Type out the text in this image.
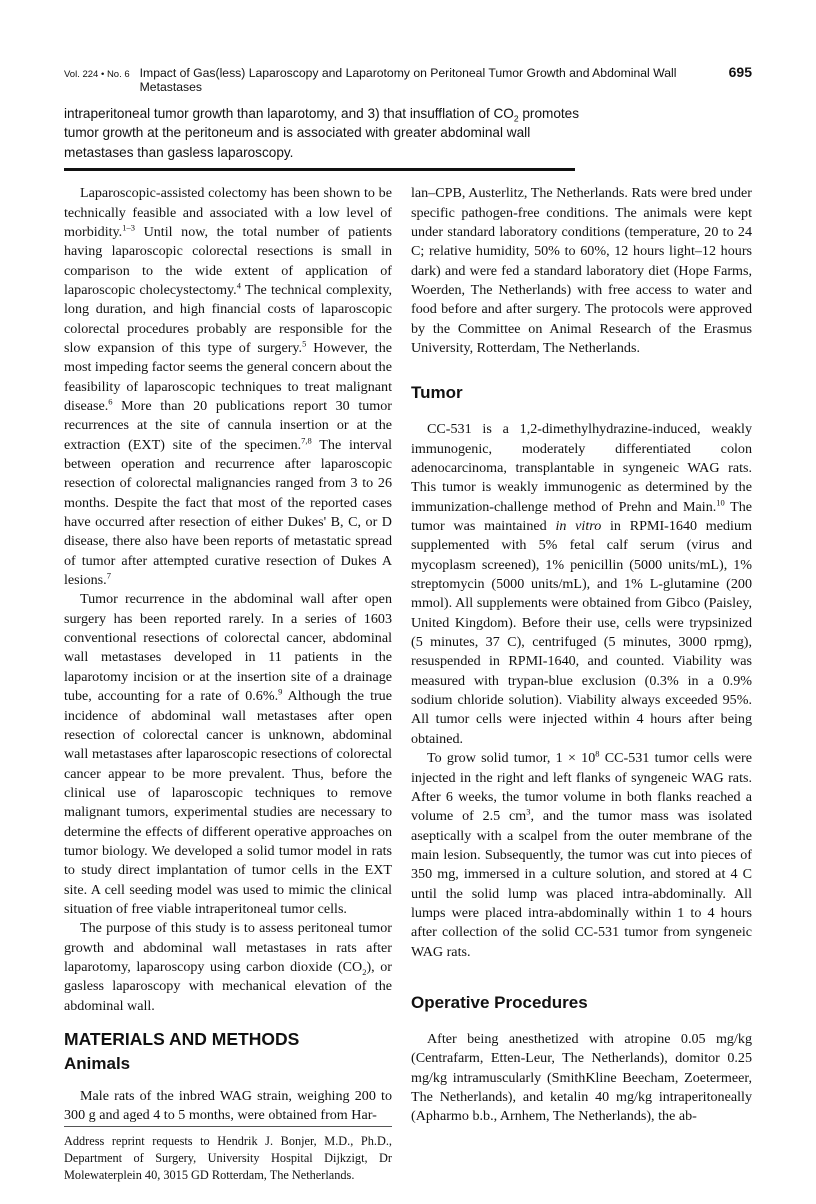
Vol. 224 • No. 6 Impact of Gas(less) Laparoscopy and Laparotomy on Peritoneal Tumor Growth and Abdominal Wall Metastases
695
intraperitoneal tumor growth than laparotomy, and 3) that insufflation of $CO_2$ promotes tumor growth at the peritoneum and is associated with greater abdominal wall metastases than gasless laparoscopy.

Laparoscopic-assisted colectomy has been shown to be technically feasible and associated with a low level of morbidity.$^{1-3}$ Until now, the total number of patients having laparoscopic colorectal resections is small in comparison to the wide extent of application of laparoscopic cholecystectomy.$^4$ The technical complexity, long duration, and high financial costs of laparoscopic colorectal procedures probably are responsible for the slow expansion of this type of surgery.$^5$ However, the most impeding factor seems the general concern about the feasibility of laparoscopic techniques to treat malignant disease.$^6$ More than 20 publications report 30 tumor recurrences at the site of cannula insertion or at the extraction (EXT) site of the specimen.$^{7,8}$ The interval between operation and recurrence after laparoscopic resection of colorectal malignancies ranged from 3 to 26 months. Despite the fact that most of the reported cases have occurred after resection of either Dukes' B, C, or D disease, there also have been reports of metastatic spread of tumor after attempted curative resection of Dukes A lesions.$^7$

Tumor recurrence in the abdominal wall after open surgery has been reported rarely. In a series of 1603 conventional resections of colorectal cancer, abdominal wall metastases developed in 11 patients in the laparotomy incision or at the insertion site of a drainage tube, accounting for a rate of 0.6%.$^9$ Although the true incidence of abdominal wall metastases after open resection of colorectal cancer is unknown, abdominal wall metastases after laparoscopic resections of colorectal cancer appear to be more prevalent. Thus, before the clinical use of laparoscopic techniques to remove malignant tumors, experimental studies are necessary to determine the effects of different operative approaches on tumor biology. We developed a solid tumor model in rats to study direct implantation of tumor cells in the EXT site. A cell seeding model was used to mimic the clinical situation of free viable intraperitoneal tumor cells.

The purpose of this study is to assess peritoneal tumor growth and abdominal wall metastases in rats after laparotomy, laparoscopy using carbon dioxide $(CO_2)$, or gasless laparoscopy with mechanical elevation of the abdominal wall.

MATERIALS AND METHODS
Animals

Male rats of the inbred WAG strain, weighing 200 to 300 g and aged 4 to 5 months, were obtained from Har-

Address reprint requests to Hendrik J. Bonjer, M.D., Ph.D., Department of Surgery, University Hospital Dijkzigt, Dr Molewaterplein 40, 3015 GD Rotterdam, The Netherlands.

lan–CPB, Austerlitz, The Netherlands. Rats were bred under specific pathogen-free conditions. The animals were kept under standard laboratory conditions (temperature, 20 to 24 C; relative humidity, 50% to 60%, 12 hours light–12 hours dark) and were fed a standard laboratory diet (Hope Farms, Woerden, The Netherlands) with free access to water and food before and after surgery. The protocols were approved by the Committee on Animal Research of the Erasmus University, Rotterdam, The Netherlands.

Tumor

CC-531 is a 1,2-dimethylhydrazine-induced, weakly immunogenic, moderately differentiated colon adenocarcinoma, transplantable in syngeneic WAG rats. This tumor is weakly immunogenic as determined by the immunization-challenge method of Prehn and Main.$^{10}$ The tumor was maintained in vitro in RPMI-1640 medium supplemented with 5% fetal calf serum (virus and mycoplasm screened), 1% penicillin (5000 units/mL), 1% streptomycin (5000 units/mL), and 1% L-glutamine (200 mmol). All supplements were obtained from Gibco (Paisley, United Kingdom). Before their use, cells were trypsinized (5 minutes, 37 C), centrifuged (5 minutes, 3000 rpmg), resuspended in RPMI-1640, and counted. Viability was measured with trypan-blue exclusion (0.3% in a 0.9% sodium chloride solution). Viability always exceeded 95%. All tumor cells were injected within 4 hours after being obtained.

To grow solid tumor, $1 \times 10^8$ CC-531 tumor cells were injected in the right and left flanks of syngeneic WAG rats. After 6 weeks, the tumor volume in both flanks reached a volume of 2.5 $cm^3$, and the tumor mass was isolated aseptically with a scalpel from the outer membrane of the main lesion. Subsequently, the tumor was cut into pieces of 350 mg, immersed in a culture solution, and stored at 4 C until the solid lump was placed intra-abdominally. All lumps were placed intra-abdominally within 1 to 4 hours after collection of the solid CC-531 tumor from syngeneic WAG rats.

Operative Procedures

After being anesthetized with atropine 0.05 mg/kg (Centrafarm, Etten-Leur, The Netherlands), domitor 0.25 mg/kg intramuscularly (SmithKline Beecham, Zoetermeer, The Netherlands), and ketalin 40 mg/kg intraperitoneally (Apharmo b.b., Arnhem, The Netherlands), the ab-
